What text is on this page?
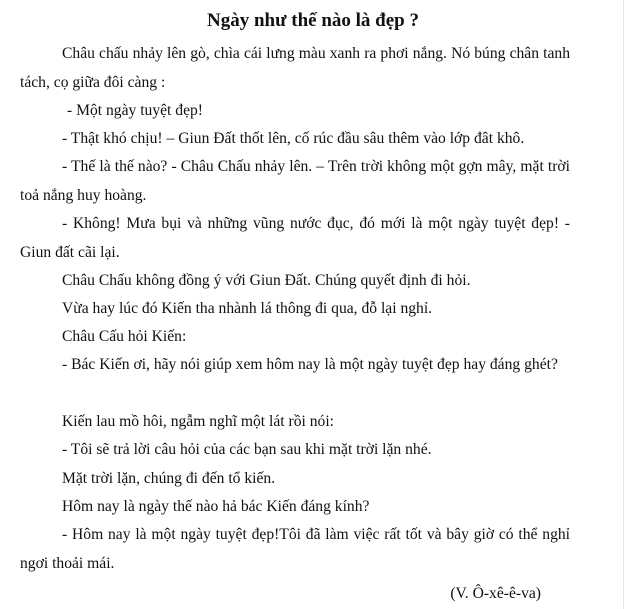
Ngày như thế nào là đẹp ?

Châu chấu nhảy lên gò, chìa cái lưng màu xanh ra phơi nắng. Nó búng chân tanh tách, cọ giữa đôi càng :

- Một ngày tuyệt đẹp!

- Thật khó chịu! – Giun Đất thốt lên, cố rúc đầu sâu thêm vào lớp đât khô.

- Thế là thế nào? - Châu Chấu nhảy lên. – Trên trời không một gợn mây, mặt trời toả nắng huy hoàng.

- Không! Mưa bụi và những vũng nước đục, đó mới là một ngày tuyệt đẹp! - Giun đất cãi lại.

Châu Chấu không đồng ý với Giun Đất. Chúng quyết định đi hỏi.

Vừa hay lúc đó Kiến tha nhành lá thông đi qua, đỗ lại nghỉ.

Châu Cấu hỏi Kiến:

- Bác Kiến ơi, hãy nói giúp xem hôm nay là một ngày tuyệt đẹp hay đáng ghét?

Kiến lau mồ hôi, ngẫm nghĩ một lát rồi nói:

- Tôi sẽ trả lời câu hỏi của các bạn sau khi mặt trời lặn nhé.

Mặt trời lặn, chúng đi đến tổ kiến.

Hôm nay là ngày thế nào hả bác Kiến đáng kính?

- Hôm nay là một ngày tuyệt đẹp!Tôi đã làm việc rất tốt và bây giờ có thể nghỉ ngơi thoải mái.

(V. Ô-xê-ê-va)
